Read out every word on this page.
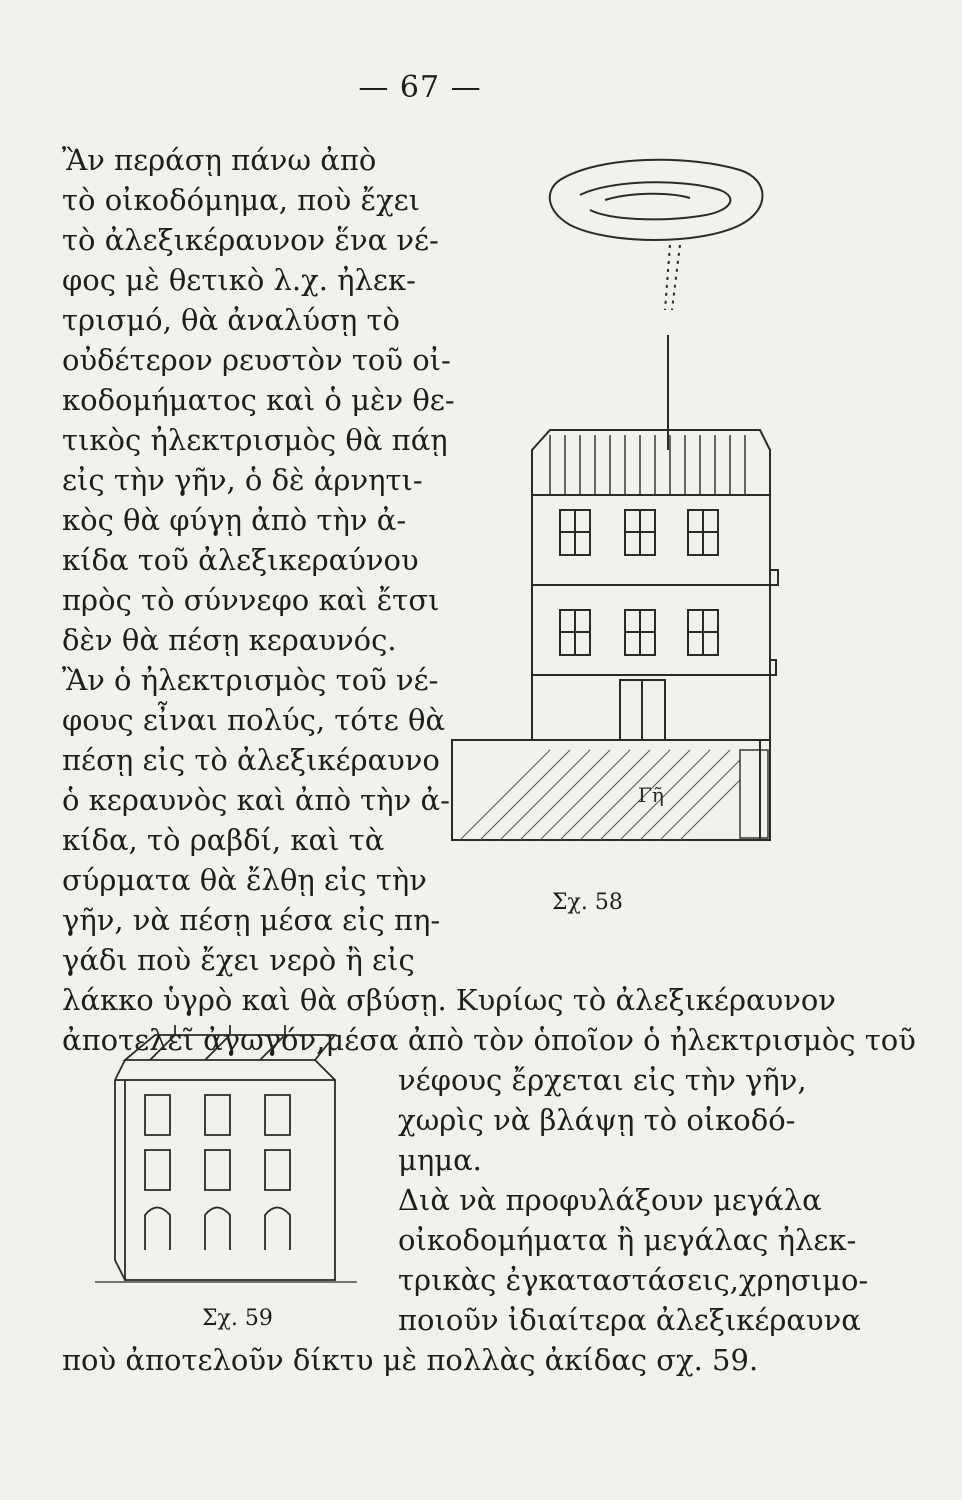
— 67 —
Ἂν περάσῃ πάνω ἀπὸ
τὸ οἰκοδόμημα, ποὺ ἔχει
τὸ ἀλεξικέραυνον ἕνα νέ-
φος μὲ θετικὸ λ.χ. ἠλεκ-
τρισμό, θὰ ἀναλύσῃ τὸ
οὐδέτερον ρευστὸν τοῦ οἰ-
κοδομήματος καὶ ὁ μὲν θε-
τικὸς ἠλεκτρισμὸς θὰ πάῃ
εἰς τὴν γῆν, ὁ δὲ ἀρνητι-
κὸς θὰ φύγῃ ἀπὸ τὴν ἀ-
κίδα τοῦ ἀλεξικεραύνου
πρὸς τὸ σύννεφο καὶ ἔτσι
δὲν θὰ πέσῃ κεραυνός.
Ἂν ὁ ἠλεκτρισμὸς τοῦ νέ-
φους εἶναι πολύς, τότε θὰ
πέσῃ εἰς τὸ ἀλεξικέραυνο
ὁ κεραυνὸς καὶ ἀπὸ τὴν ἀ-
κίδα, τὸ ραβδί, καὶ τὰ
σύρματα θὰ ἔλθῃ εἰς τὴν
γῆν, νὰ πέσῃ μέσα εἰς πη-
γάδι ποὺ ἔχει νερὸ ἢ εἰς
λάκκο ὑγρὸ καὶ θὰ σβύσῃ. Κυρίως τὸ ἀλεξικέραυνον
ἀποτελεῖ ἀγωγόν,μέσα ἀπὸ τὸν ὁποῖον ὁ ἠλεκτρισμὸς τοῦ
νέφους ἔρχεται εἰς τὴν γῆν,
χωρὶς νὰ βλάψῃ τὸ οἰκοδό-
μημα.
Διὰ νὰ προφυλάξουν μεγάλα
οἰκοδομήματα ἢ μεγάλας ἠλεκ-
τρικὰς ἐγκαταστάσεις,χρησιμο-
ποιοῦν ἰδιαίτερα ἀλεξικέραυνα
ποὺ ἀποτελοῦν δίκτυ μὲ πολλὰς ἀκίδας σχ. 59.
Γῆ
Σχ. 58
Σχ. 59
